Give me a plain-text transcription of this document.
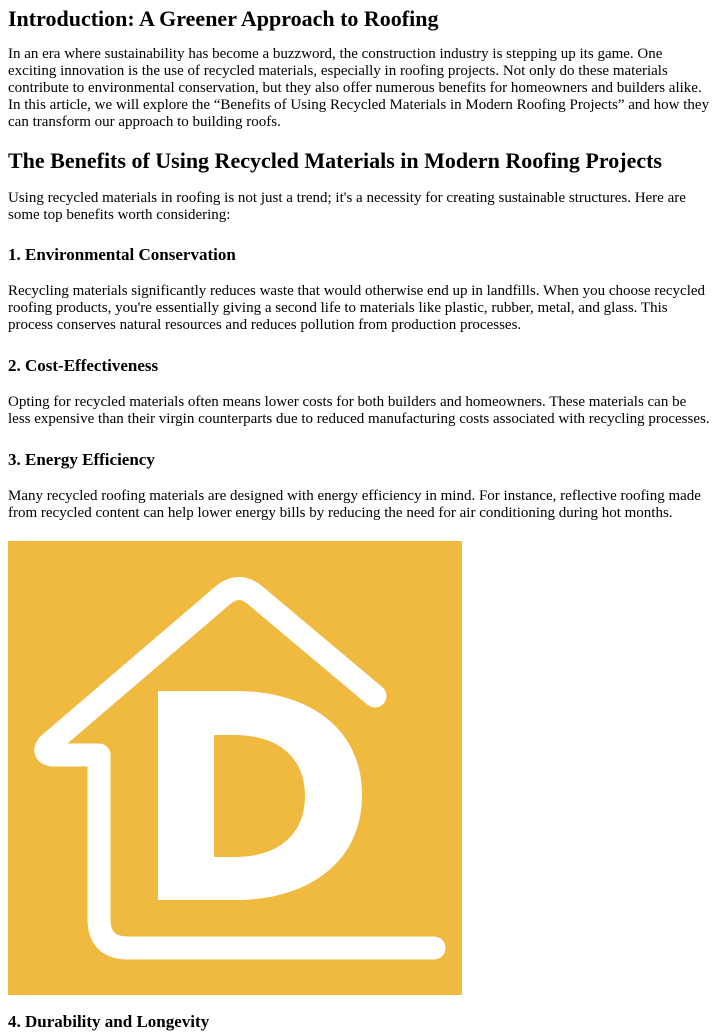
Introduction: A Greener Approach to Roofing

In an era where sustainability has become a buzzword, the construction industry is stepping up its game. One exciting innovation is the use of recycled materials, especially in roofing projects. Not only do these materials contribute to environmental conservation, but they also offer numerous benefits for homeowners and builders alike. In this article, we will explore the “Benefits of Using Recycled Materials in Modern Roofing Projects” and how they can transform our approach to building roofs.

The Benefits of Using Recycled Materials in Modern Roofing Projects

Using recycled materials in roofing is not just a trend; it's a necessity for creating sustainable structures. Here are some top benefits worth considering:

1. Environmental Conservation

Recycling materials significantly reduces waste that would otherwise end up in landfills. When you choose recycled roofing products, you're essentially giving a second life to materials like plastic, rubber, metal, and glass. This process conserves natural resources and reduces pollution from production processes.

2. Cost-Effectiveness

Opting for recycled materials often means lower costs for both builders and homeowners. These materials can be less expensive than their virgin counterparts due to reduced manufacturing costs associated with recycling processes.

3. Energy Efficiency

Many recycled roofing materials are designed with energy efficiency in mind. For instance, reflective roofing made from recycled content can help lower energy bills by reducing the need for air conditioning during hot months.

4. Durability and Longevity
